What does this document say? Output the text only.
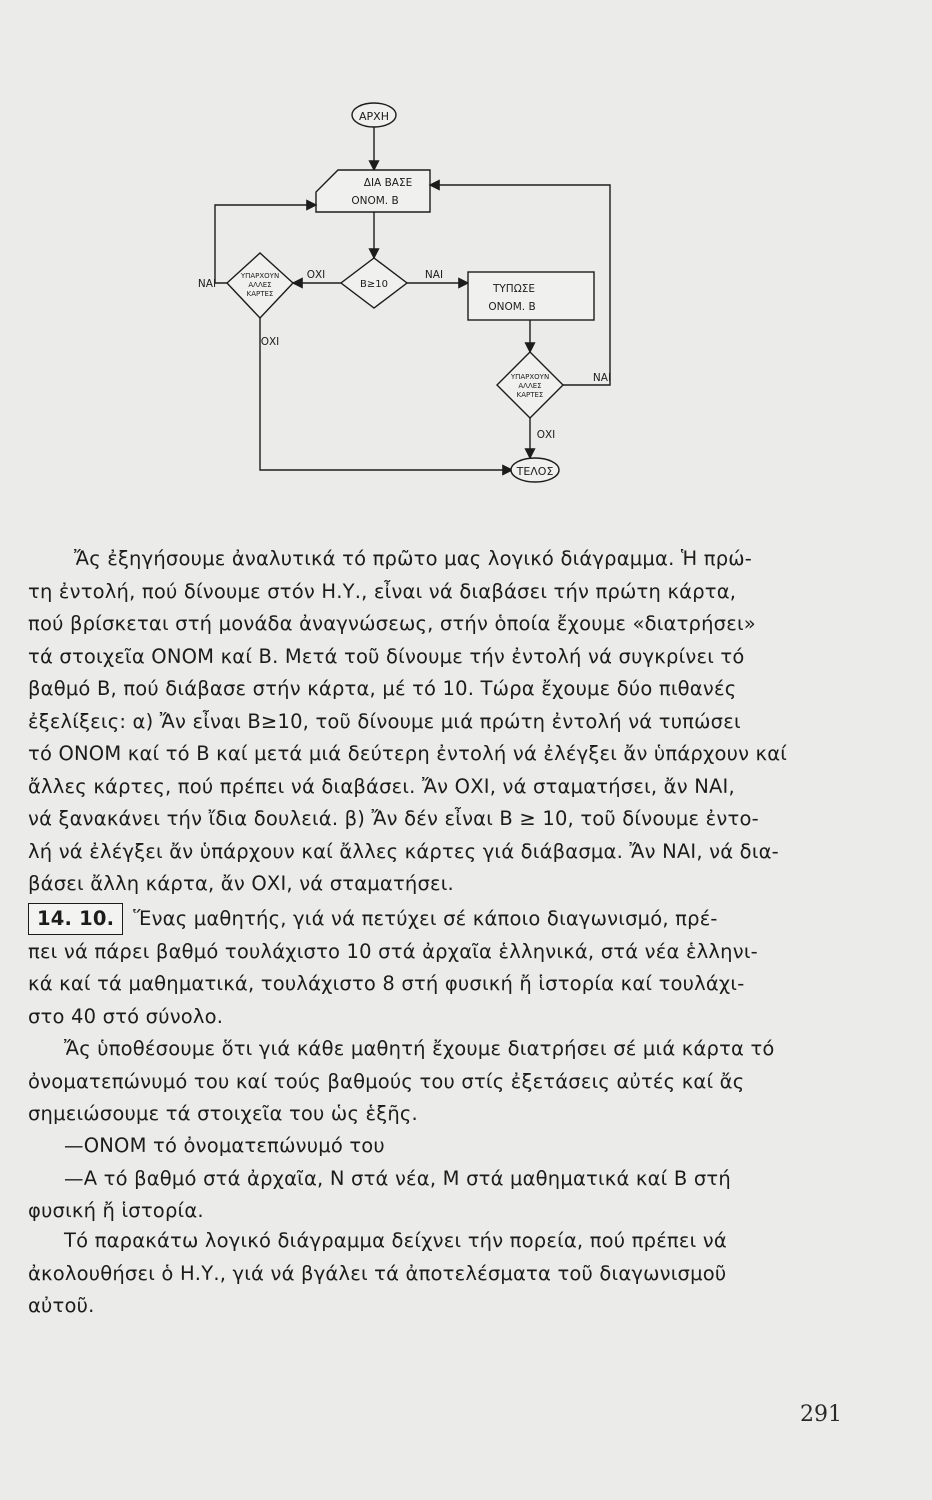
ΑΡΧΗ
ΔΙΑ ΒΑΣΕ
ΟΝΟΜ. Β
Β≥10
ΝΑΙ
ΟΧΙ
ΤΥΠΩΣΕ
ΟΝΟΜ. Β
ΥΠΑΡΧΟΥΝ
ΑΛΛΕΣ
ΚΑΡΤΕΣ
ΝΑΙ
ΟΧΙ
ΥΠΑΡΧΟΥΝ
ΑΛΛΕΣ
ΚΑΡΤΕΣ
ΝΑΙ
ΟΧΙ
ΤΕΛΟΣ
Ἄς ἐξηγήσουμε ἀναλυτικά τό πρῶτο μας λογικό διάγραμμα. Ἡ πρώ-
τη ἐντολή, πού δίνουμε στόν Η.Υ., εἶναι νά διαβάσει τήν πρώτη κάρτα,
πού βρίσκεται στή μονάδα ἀναγνώσεως, στήν ὁποία ἔχουμε «διατρήσει»
τά στοιχεῖα ΟΝΟΜ καί Β. Μετά τοῦ δίνουμε τήν ἐντολή νά συγκρίνει τό
βαθμό Β, πού διάβασε στήν κάρτα, μέ τό 10. Τώρα ἔχουμε δύο πιθανές
ἐξελίξεις: α) Ἄν εἶναι Β≥10, τοῦ δίνουμε μιά πρώτη ἐντολή νά τυπώσει
τό ΟΝΟΜ καί τό Β καί μετά μιά δεύτερη ἐντολή νά ἐλέγξει ἄν ὑπάρχουν καί
ἄλλες κάρτες, πού πρέπει νά διαβάσει. Ἄν ΟΧΙ, νά σταματήσει, ἄν ΝΑΙ,
νά ξανακάνει τήν ἴδια δουλειά. β) Ἄν δέν εἶναι Β ≥ 10, τοῦ δίνουμε ἐντο-
λή νά ἐλέγξει ἄν ὑπάρχουν καί ἄλλες κάρτες γιά διάβασμα. Ἄν ΝΑΙ, νά δια-
βάσει ἄλλη κάρτα, ἄν ΟΧΙ, νά σταματήσει.
14. 10. Ἕνας μαθητής, γιά νά πετύχει σέ κάποιο διαγωνισμό, πρέ-
πει νά πάρει βαθμό τουλάχιστο 10 στά ἀρχαῖα ἑλληνικά, στά νέα ἑλληνι-
κά καί τά μαθηματικά, τουλάχιστο 8 στή φυσική ἤ ἱστορία καί τουλάχι-
στο 40 στό σύνολο.
Ἄς ὑποθέσουμε ὅτι γιά κάθε μαθητή ἔχουμε διατρήσει σέ μιά κάρτα τό
ὀνοματεπώνυμό του καί τούς βαθμούς του στίς ἐξετάσεις αὐτές καί ἄς
σημειώσουμε τά στοιχεῖα του ὡς ἑξῆς.
—ΟΝΟΜ τό ὀνοματεπώνυμό του
—Α τό βαθμό στά ἀρχαῖα, Ν στά νέα, Μ στά μαθηματικά καί Β στή
φυσική ἤ ἱστορία.
Τό παρακάτω λογικό διάγραμμα δείχνει τήν πορεία, πού πρέπει νά
ἀκολουθήσει ὁ Η.Υ., γιά νά βγάλει τά ἀποτελέσματα τοῦ διαγωνισμοῦ
αὐτοῦ.
291
